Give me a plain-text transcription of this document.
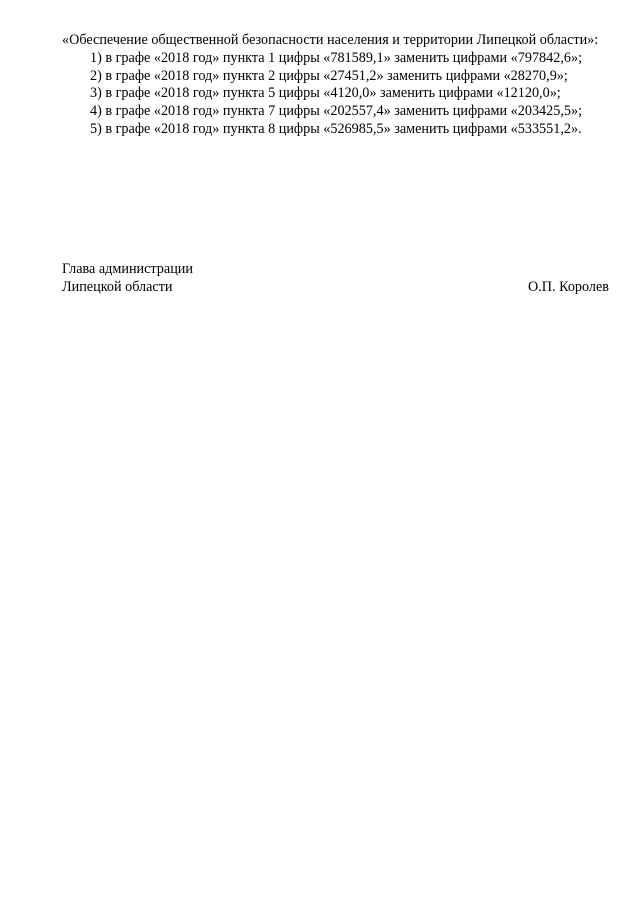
«Обеспечение общественной безопасности населения и территории Липецкой области»:

1) в графе «2018 год» пункта 1 цифры «781589,1» заменить цифрами «797842,6»;

2) в графе «2018 год» пункта 2 цифры «27451,2» заменить цифрами «28270,9»;

3) в графе «2018 год» пункта 5 цифры «4120,0» заменить цифрами «12120,0»;

4) в графе «2018 год» пункта 7 цифры «202557,4» заменить цифрами «203425,5»;

5) в графе «2018 год» пункта 8 цифры «526985,5» заменить цифрами «533551,2».

Глава администрации

Липецкой области	О.П. Королев
